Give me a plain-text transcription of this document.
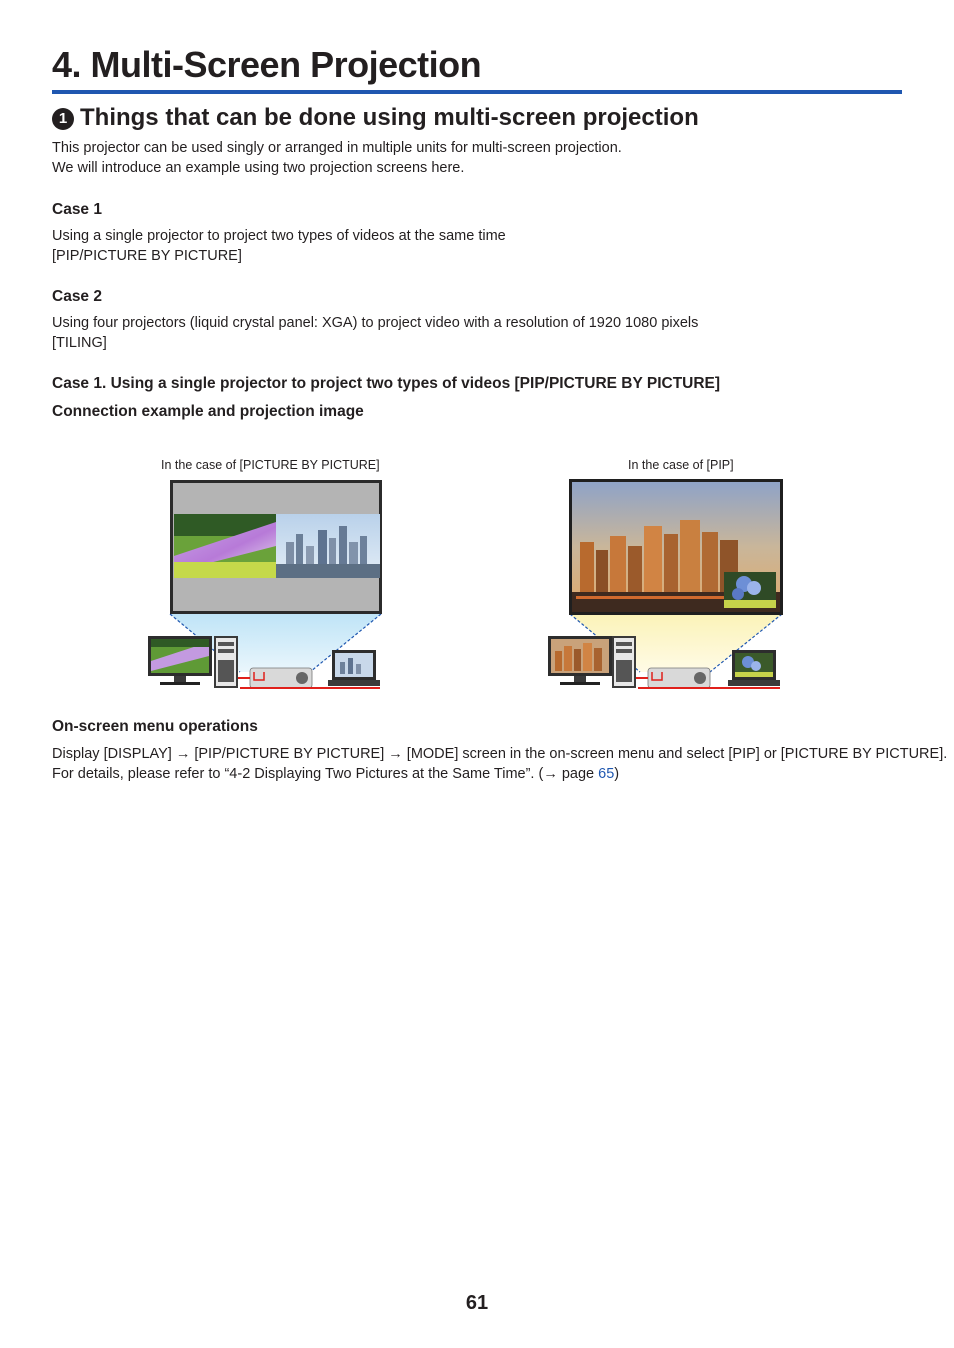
4. Multi-Screen Projection
1 Things that can be done using multi-screen projection
This projector can be used singly or arranged in multiple units for multi-screen projection.
We will introduce an example using two projection screens here.
Case 1
Using a single projector to project two types of videos at the same time
[PIP/PICTURE BY PICTURE]
Case 2
Using four projectors (liquid crystal panel: XGA) to project video with a resolution of 1920 1080 pixels
[TILING]
Case 1. Using a single projector to project two types of videos [PIP/PICTURE BY PICTURE]
Connection example and projection image
In the case of [PICTURE BY PICTURE]	In the case of [PIP]
On-screen menu operations
Display [DISPLAY] → [PIP/PICTURE BY PICTURE] → [MODE] screen in the on-screen menu and select [PIP] or [PICTURE BY PICTURE].
For details, please refer to “4-2 Displaying Two Pictures at the Same Time”. (→ page 65)
61
